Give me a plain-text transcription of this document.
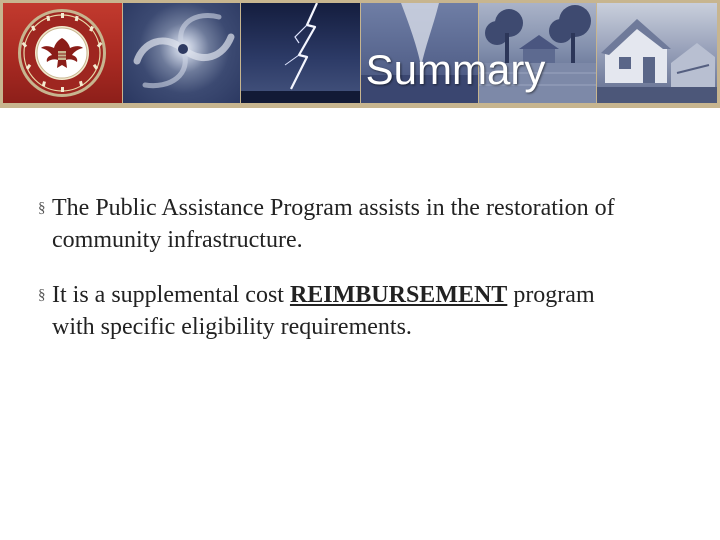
Summary
§ The Public Assistance Program assists in the restoration of community infrastructure.
§ It is a supplemental cost REIMBURSEMENT program with specific eligibility requirements.
